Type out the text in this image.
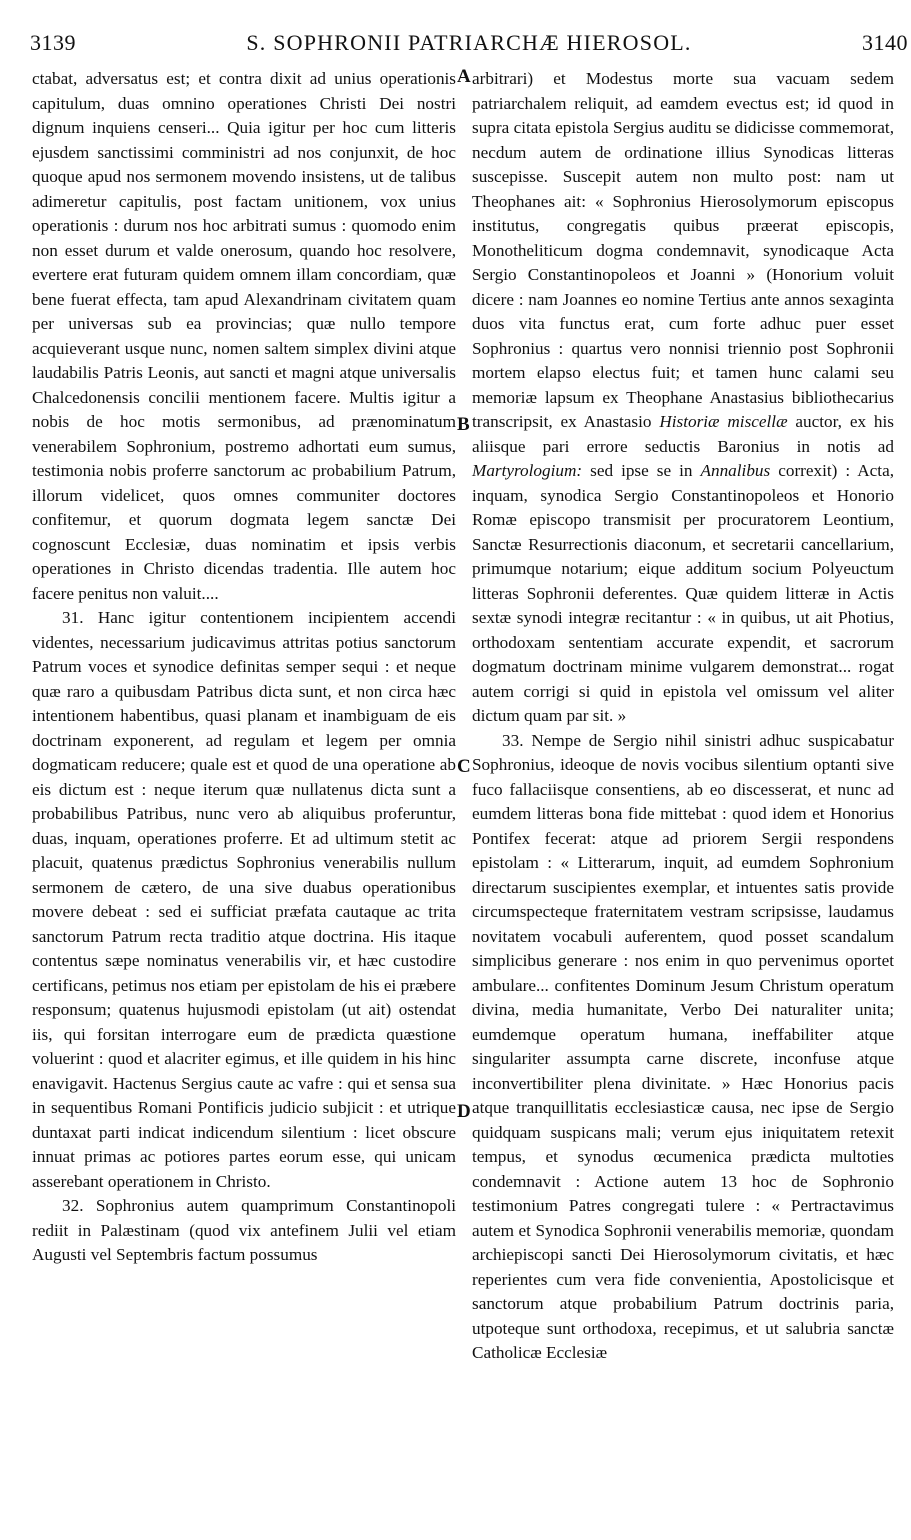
3139	S. SOPHRONII PATRIARCHÆ HIEROSOL.	3140
A
B
C
D

ctabat, adversatus est; et contra dixit ad unius operationis capitulum, duas omnino operationes Christi Dei nostri dignum inquiens censeri... Quia igitur per hoc cum litteris ejusdem sanctissimi comministri ad nos conjunxit, de hoc quoque apud nos sermonem movendo insistens, ut de talibus adimeretur capitulis, post factam unitionem, vox unius operationis : durum nos hoc arbitrati sumus : quomodo enim non esset durum et valde onerosum, quando hoc resolvere, evertere erat futuram quidem omnem illam concordiam, quæ bene fuerat effecta, tam apud Alexandrinam civitatem quam per universas sub ea provincias; quæ nullo tempore acquieverant usque nunc, nomen saltem simplex divini atque laudabilis Patris Leonis, aut sancti et magni atque universalis Chalcedonensis concilii mentionem facere. Multis igitur a nobis de hoc motis sermonibus, ad prænominatum venerabilem Sophronium, postremo adhortati eum sumus, testimonia nobis proferre sanctorum ac probabilium Patrum, illorum videlicet, quos omnes communiter doctores confitemur, et quorum dogmata legem sanctæ Dei cognoscunt Ecclesiæ, duas nominatim et ipsis verbis operationes in Christo dicendas tradentia. Ille autem hoc facere penitus non valuit....

31. Hanc igitur contentionem incipientem accendi videntes, necessarium judicavimus attritas potius sanctorum Patrum voces et synodice definitas semper sequi : et neque quæ raro a quibusdam Patribus dicta sunt, et non circa hæc intentionem habentibus, quasi planam et inambiguam de eis doctrinam exponerent, ad regulam et legem per omnia dogmaticam reducere; quale est et quod de una operatione ab eis dictum est : neque iterum quæ nullatenus dicta sunt a probabilibus Patribus, nunc vero ab aliquibus proferuntur, duas, inquam, operationes proferre. Et ad ultimum stetit ac placuit, quatenus prædictus Sophronius venerabilis nullum sermonem de cætero, de una sive duabus operationibus movere debeat : sed ei sufficiat præfata cautaque ac trita sanctorum Patrum recta traditio atque doctrina. His itaque contentus sæpe nominatus venerabilis vir, et hæc custodire certificans, petimus nos etiam per epistolam de his ei præbere responsum; quatenus hujusmodi epistolam (ut ait) ostendat iis, qui forsitan interrogare eum de prædicta quæstione voluerint : quod et alacriter egimus, et ille quidem in his hinc enavigavit. Hactenus Sergius caute ac vafre : qui et sensa sua in sequentibus Romani Pontificis judicio subjicit : et utrique duntaxat parti indicat indicendum silentium : licet obscure innuat primas ac potiores partes eorum esse, qui unicam asserebant operationem in Christo.

32. Sophronius autem quamprimum Constantinopoli rediit in Palæstinam (quod vix antefinem Julii vel etiam Augusti vel Septembris factum possumus

arbitrari) et Modestus morte sua vacuam sedem patriarchalem reliquit, ad eamdem evectus est; id quod in supra citata epistola Sergius auditu se didicisse commemorat, necdum autem de ordinatione illius Synodicas litteras suscepisse. Suscepit autem non multo post: nam ut Theophanes ait: « Sophronius Hierosolymorum episcopus institutus, congregatis quibus præerat episcopis, Monotheliticum dogma condemnavit, synodicaque Acta Sergio Constantinopoleos et Joanni » (Honorium voluit dicere : nam Joannes eo nomine Tertius ante annos sexaginta duos vita functus erat, cum forte adhuc puer esset Sophronius : quartus vero nonnisi triennio post Sophronii mortem elapso electus fuit; et tamen hunc calami seu memoriæ lapsum ex Theophane Anastasius bibliothecarius transcripsit, ex Anastasio Historiæ miscellæ auctor, ex his aliisque pari errore seductis Baronius in notis ad Martyrologium: sed ipse se in Annalibus correxit) : Acta, inquam, synodica Sergio Constantinopoleos et Honorio Romæ episcopo transmisit per procuratorem Leontium, Sanctæ Resurrectionis diaconum, et secretarii cancellarium, primumque notarium; eique additum socium Polyeuctum litteras Sophronii deferentes. Quæ quidem litteræ in Actis sextæ synodi integræ recitantur : « in quibus, ut ait Photius, orthodoxam sententiam accurate expendit, et sacrorum dogmatum doctrinam minime vulgarem demonstrat... rogat autem corrigi si quid in epistola vel omissum vel aliter dictum quam par sit. »

33. Nempe de Sergio nihil sinistri adhuc suspicabatur Sophronius, ideoque de novis vocibus silentium optanti sive fuco fallaciisque consentiens, ab eo discesserat, et nunc ad eumdem litteras bona fide mittebat : quod idem et Honorius Pontifex fecerat: atque ad priorem Sergii respondens epistolam : « Litterarum, inquit, ad eumdem Sophronium directarum suscipientes exemplar, et intuentes satis provide circumspecteque fraternitatem vestram scripsisse, laudamus novitatem vocabuli auferentem, quod posset scandalum simplicibus generare : nos enim in quo pervenimus oportet ambulare... confitentes Dominum Jesum Christum operatum divina, media humanitate, Verbo Dei naturaliter unita; eumdemque operatum humana, ineffabiliter atque singulariter assumpta carne discrete, inconfuse atque inconvertibiliter plena divinitate. » Hæc Honorius pacis atque tranquillitatis ecclesiasticæ causa, nec ipse de Sergio quidquam suspicans mali; verum ejus iniquitatem retexit tempus, et synodus œcumenica prædicta multoties condemnavit : Actione autem 13 hoc de Sophronio testimonium Patres congregati tulere : « Pertractavimus autem et Synodica Sophronii venerabilis memoriæ, quondam archiepiscopi sancti Dei Hierosolymorum civitatis, et hæc reperientes cum vera fide convenientia, Apostolicisque et sanctorum atque probabilium Patrum doctrinis paria, utpoteque sunt orthodoxa, recepimus, et ut salubria sanctæ Catholicæ Ecclesiæ
